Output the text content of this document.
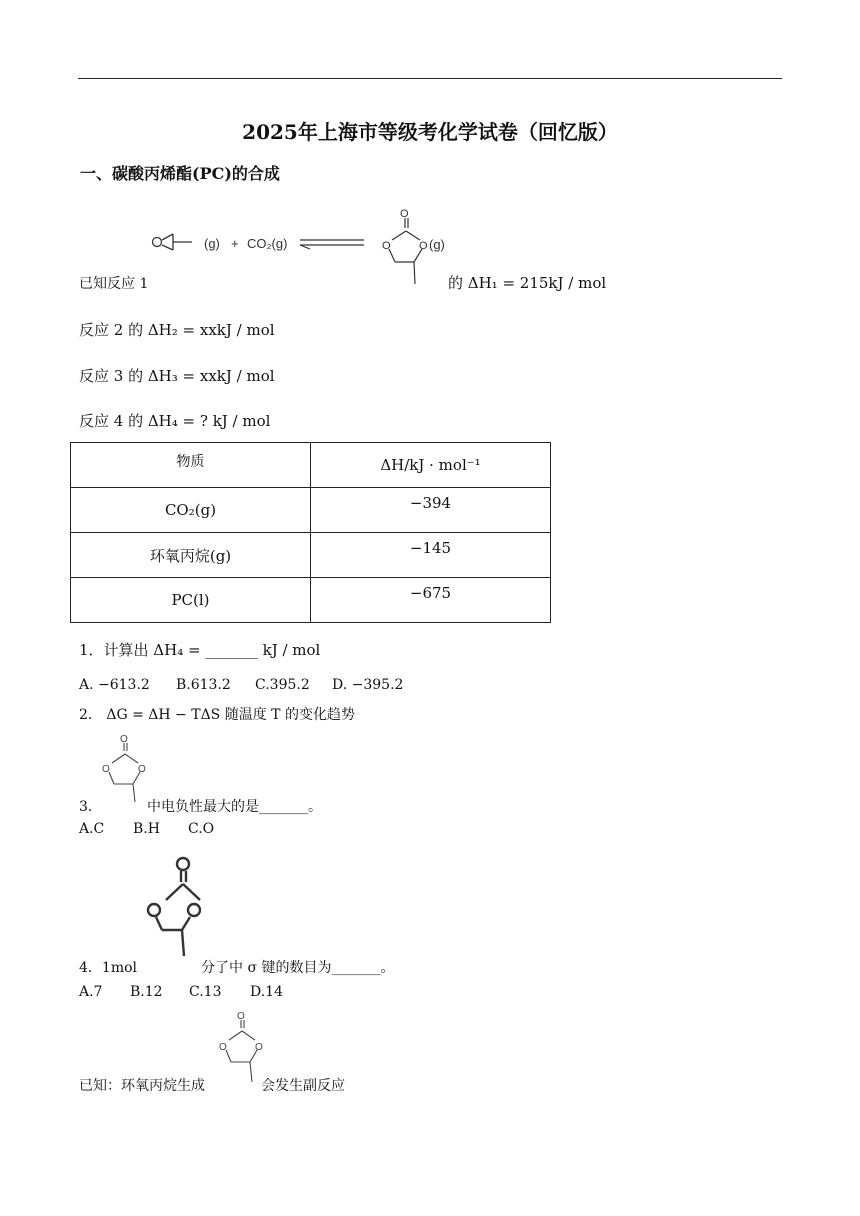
2025年上海市等级考化学试卷（回忆版）
一、碳酸丙烯酯(PC)的合成
(g) + CO₂(g)
O
O	O (g)
已知反应 1	的 ΔH₁ = 215kJ / mol
反应 2 的 ΔH₂ = xxkJ / mol
反应 3 的 ΔH₃ = xxkJ / mol
反应 4 的 ΔH₄ = ? kJ / mol
物质	ΔH/kJ · mol⁻¹
CO₂(g)	−394
环氧丙烷(g)	−145
PC(l)	−675
1．计算出 ΔH₄ = _______ kJ / mol
A. −613.2 B.613.2 C.395.2 D. −395.2
2． ΔG = ΔH − TΔS 随温度 T 的变化趋势
O
O	O
3．	中电负性最大的是_______。
A.C B.H C.O
4．1mol	分了中 σ 键的数目为_______。
A.7 B.12 C.13 D.14
O
O	O
已知：环氧丙烷生成	会发生副反应
